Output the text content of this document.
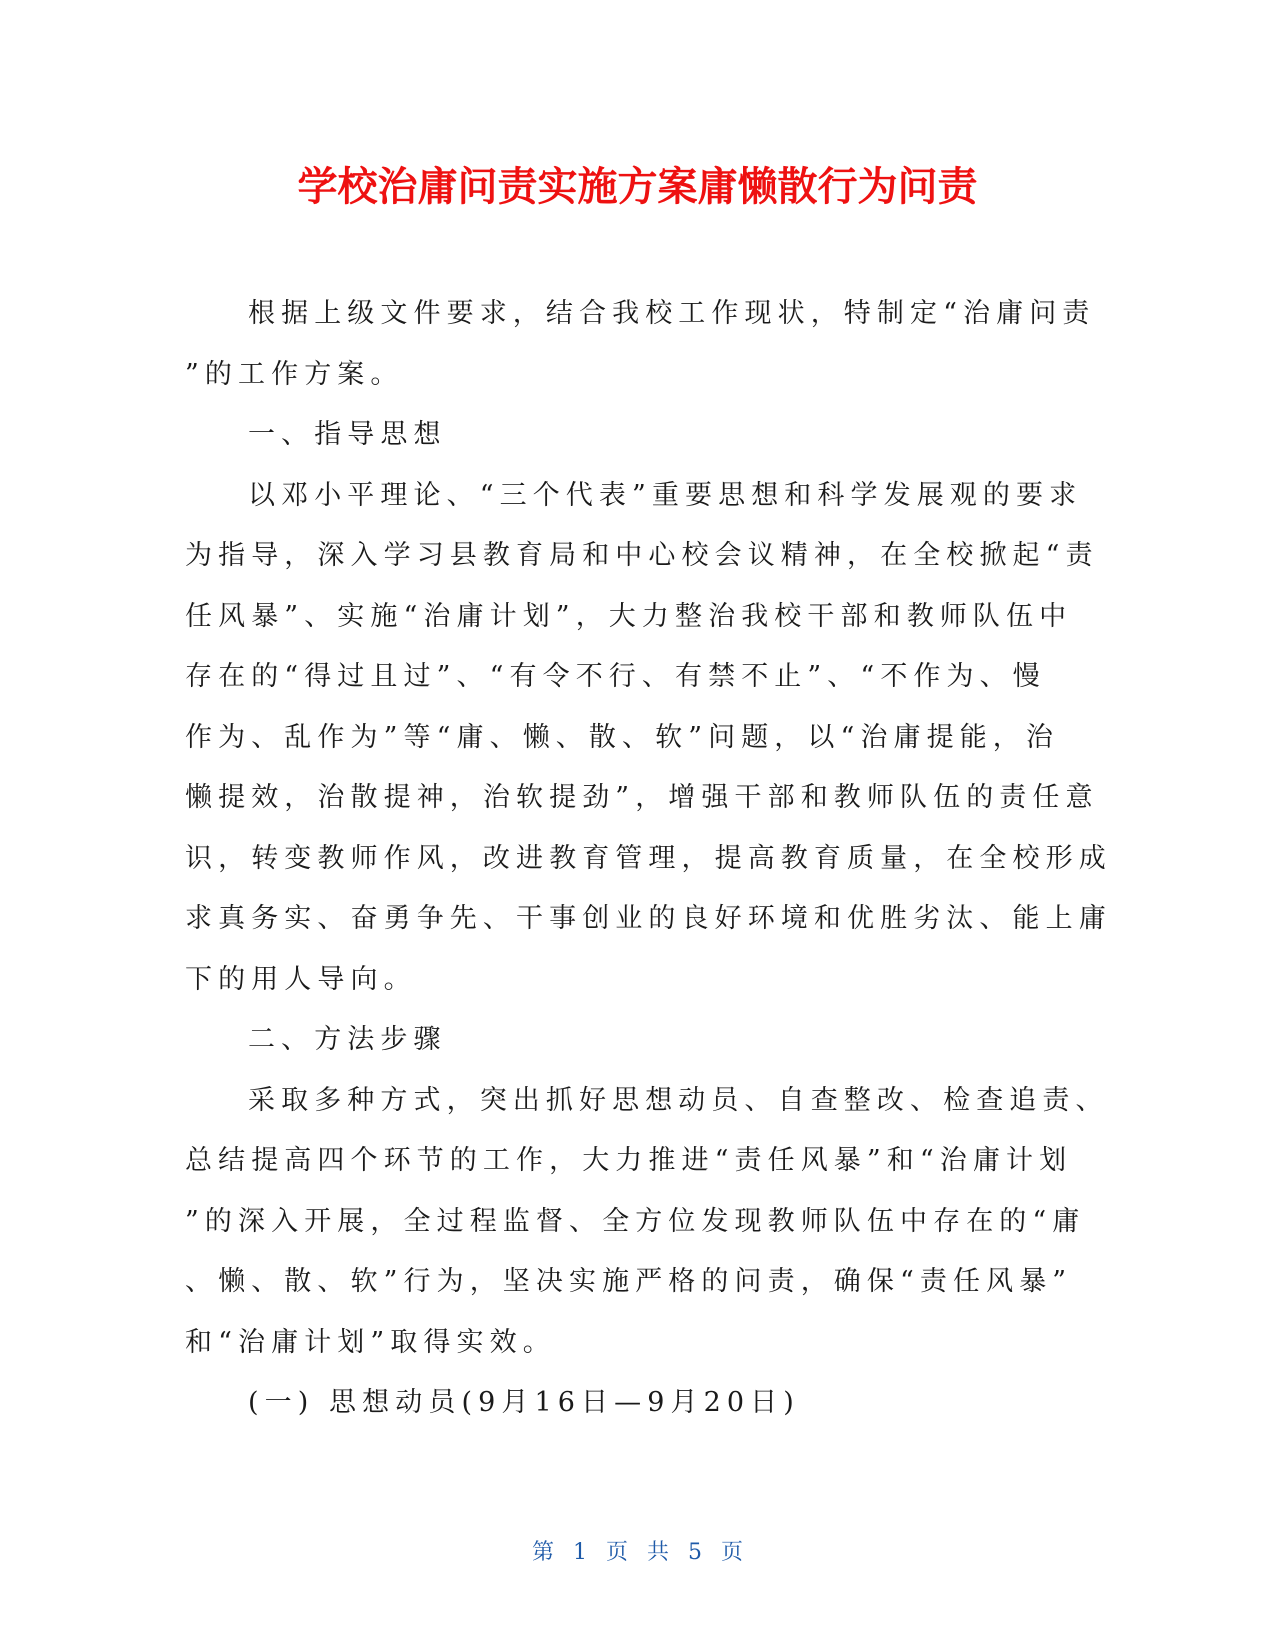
学校治庸问责实施方案庸懒散行为问责
根据上级文件要求，结合我校工作现状，特制定“治庸问责
”的工作方案。
一、指导思想
以邓小平理论、“三个代表”重要思想和科学发展观的要求
为指导，深入学习县教育局和中心校会议精神，在全校掀起“责
任风暴”、实施“治庸计划”，大力整治我校干部和教师队伍中
存在的“得过且过”、“有令不行、有禁不止”、“不作为、慢
作为、乱作为”等“庸、懒、散、软”问题，以“治庸提能，治
懒提效，治散提神，治软提劲”，增强干部和教师队伍的责任意
识，转变教师作风，改进教育管理，提高教育质量，在全校形成
求真务实、奋勇争先、干事创业的良好环境和优胜劣汰、能上庸
下的用人导向。
二、方法步骤
采取多种方式，突出抓好思想动员、自查整改、检查追责、
总结提高四个环节的工作，大力推进“责任风暴”和“治庸计划
”的深入开展，全过程监督、全方位发现教师队伍中存在的“庸
、懒、散、软”行为，坚决实施严格的问责，确保“责任风暴”
和“治庸计划”取得实效。
(一) 思想动员(9月16日—9月20日)
第 1 页 共 5 页
